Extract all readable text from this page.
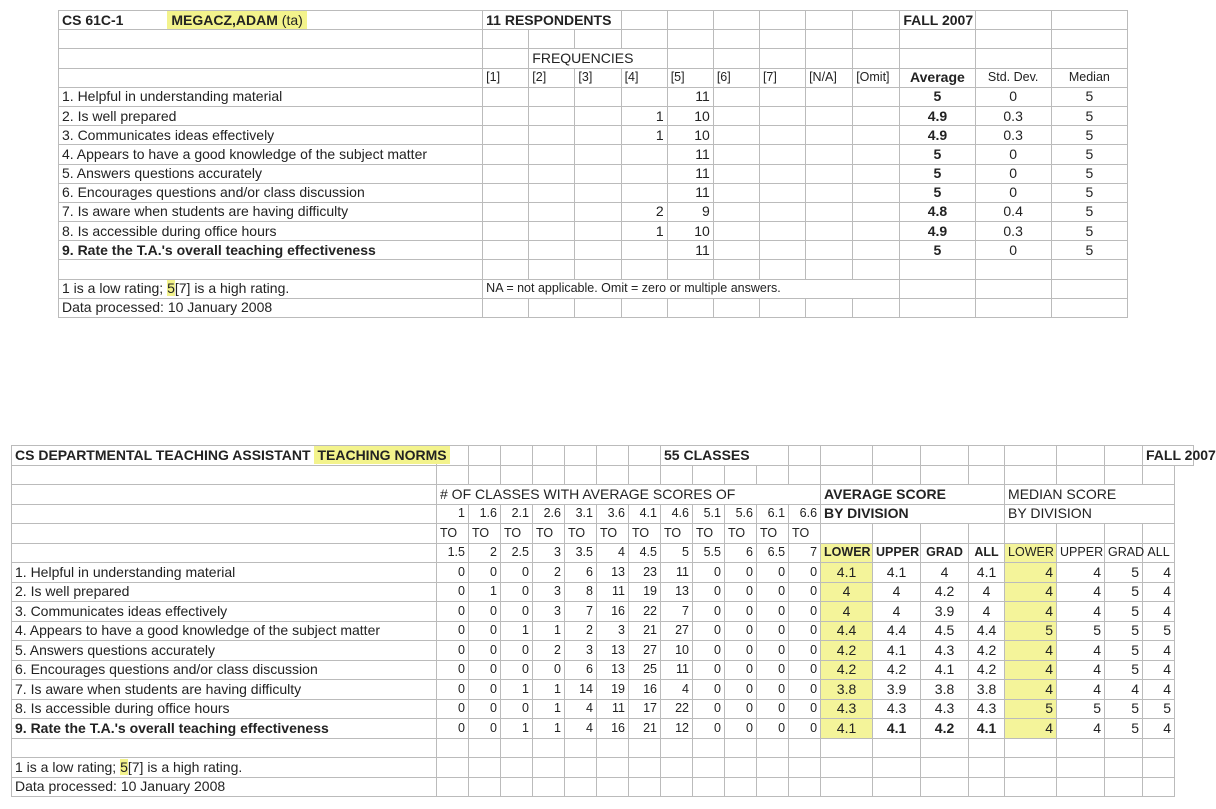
CS 61C-1 MEGACZ,ADAM (ta)	11 RESPONDENTS									FALL 2007		

		FREQUENCIES										
	[1]	[2]	[3]	[4]	[5]	[6]	[7]	[N/A]	[Omit]	Average	Std. Dev.	Median
1. Helpful in understanding material					11					5	0	5
2. Is well prepared				1	10					4.9	0.3	5
3. Communicates ideas effectively				1	10					4.9	0.3	5
4. Appears to have a good knowledge of the subject matter					11					5	0	5
5. Answers questions accurately					11					5	0	5
6. Encourages questions and/or class discussion					11					5	0	5
7. Is aware when students are having difficulty				2	9					4.8	0.4	5
8. Is accessible during office hours				1	10					4.9	0.3	5
9. Rate the T.A.'s overall teaching effectiveness					11					5	0	5

1 is a low rating; 5[7] is a high rating.	NA = not applicable. Omit = zero or multiple answers.											
Data processed: 10 January 2008												
CS DEPARTMENTAL TEACHING ASSISTANT TEACHING NORMS								55 CLASSES												FALL 2007

	# OF CLASSES WITH AVERAGE SCORES OF												AVERAGE SCORE				MEDIAN SCORE			
	1	1.6	2.1	2.6	3.1	3.6	4.1	4.6	5.1	5.6	6.1	6.6	BY DIVISION				BY DIVISION			
	TO	TO	TO	TO	TO	TO	TO	TO	TO	TO	TO	TO								
	1.5	2	2.5	3	3.5	4	4.5	5	5.5	6	6.5	7	LOWER	UPPER	GRAD	ALL	LOWER	UPPER	GRAD	ALL
1. Helpful in understanding material	0	0	0	2	6	13	23	11	0	0	0	0	4.1	4.1	4	4.1	4	4	5	4
2. Is well prepared	0	1	0	3	8	11	19	13	0	0	0	0	4	4	4.2	4	4	4	5	4
3. Communicates ideas effectively	0	0	0	3	7	16	22	7	0	0	0	0	4	4	3.9	4	4	4	5	4
4. Appears to have a good knowledge of the subject matter	0	0	1	1	2	3	21	27	0	0	0	0	4.4	4.4	4.5	4.4	5	5	5	5
5. Answers questions accurately	0	0	0	2	3	13	27	10	0	0	0	0	4.2	4.1	4.3	4.2	4	4	5	4
6. Encourages questions and/or class discussion	0	0	0	0	6	13	25	11	0	0	0	0	4.2	4.2	4.1	4.2	4	4	5	4
7. Is aware when students are having difficulty	0	0	1	1	14	19	16	4	0	0	0	0	3.8	3.9	3.8	3.8	4	4	4	4
8. Is accessible during office hours	0	0	0	1	4	11	17	22	0	0	0	0	4.3	4.3	4.3	4.3	5	5	5	5
9. Rate the T.A.'s overall teaching effectiveness	0	0	1	1	4	16	21	12	0	0	0	0	4.1	4.1	4.2	4.1	4	4	5	4

1 is a low rating; 5[7] is a high rating.																				
Data processed: 10 January 2008																				
